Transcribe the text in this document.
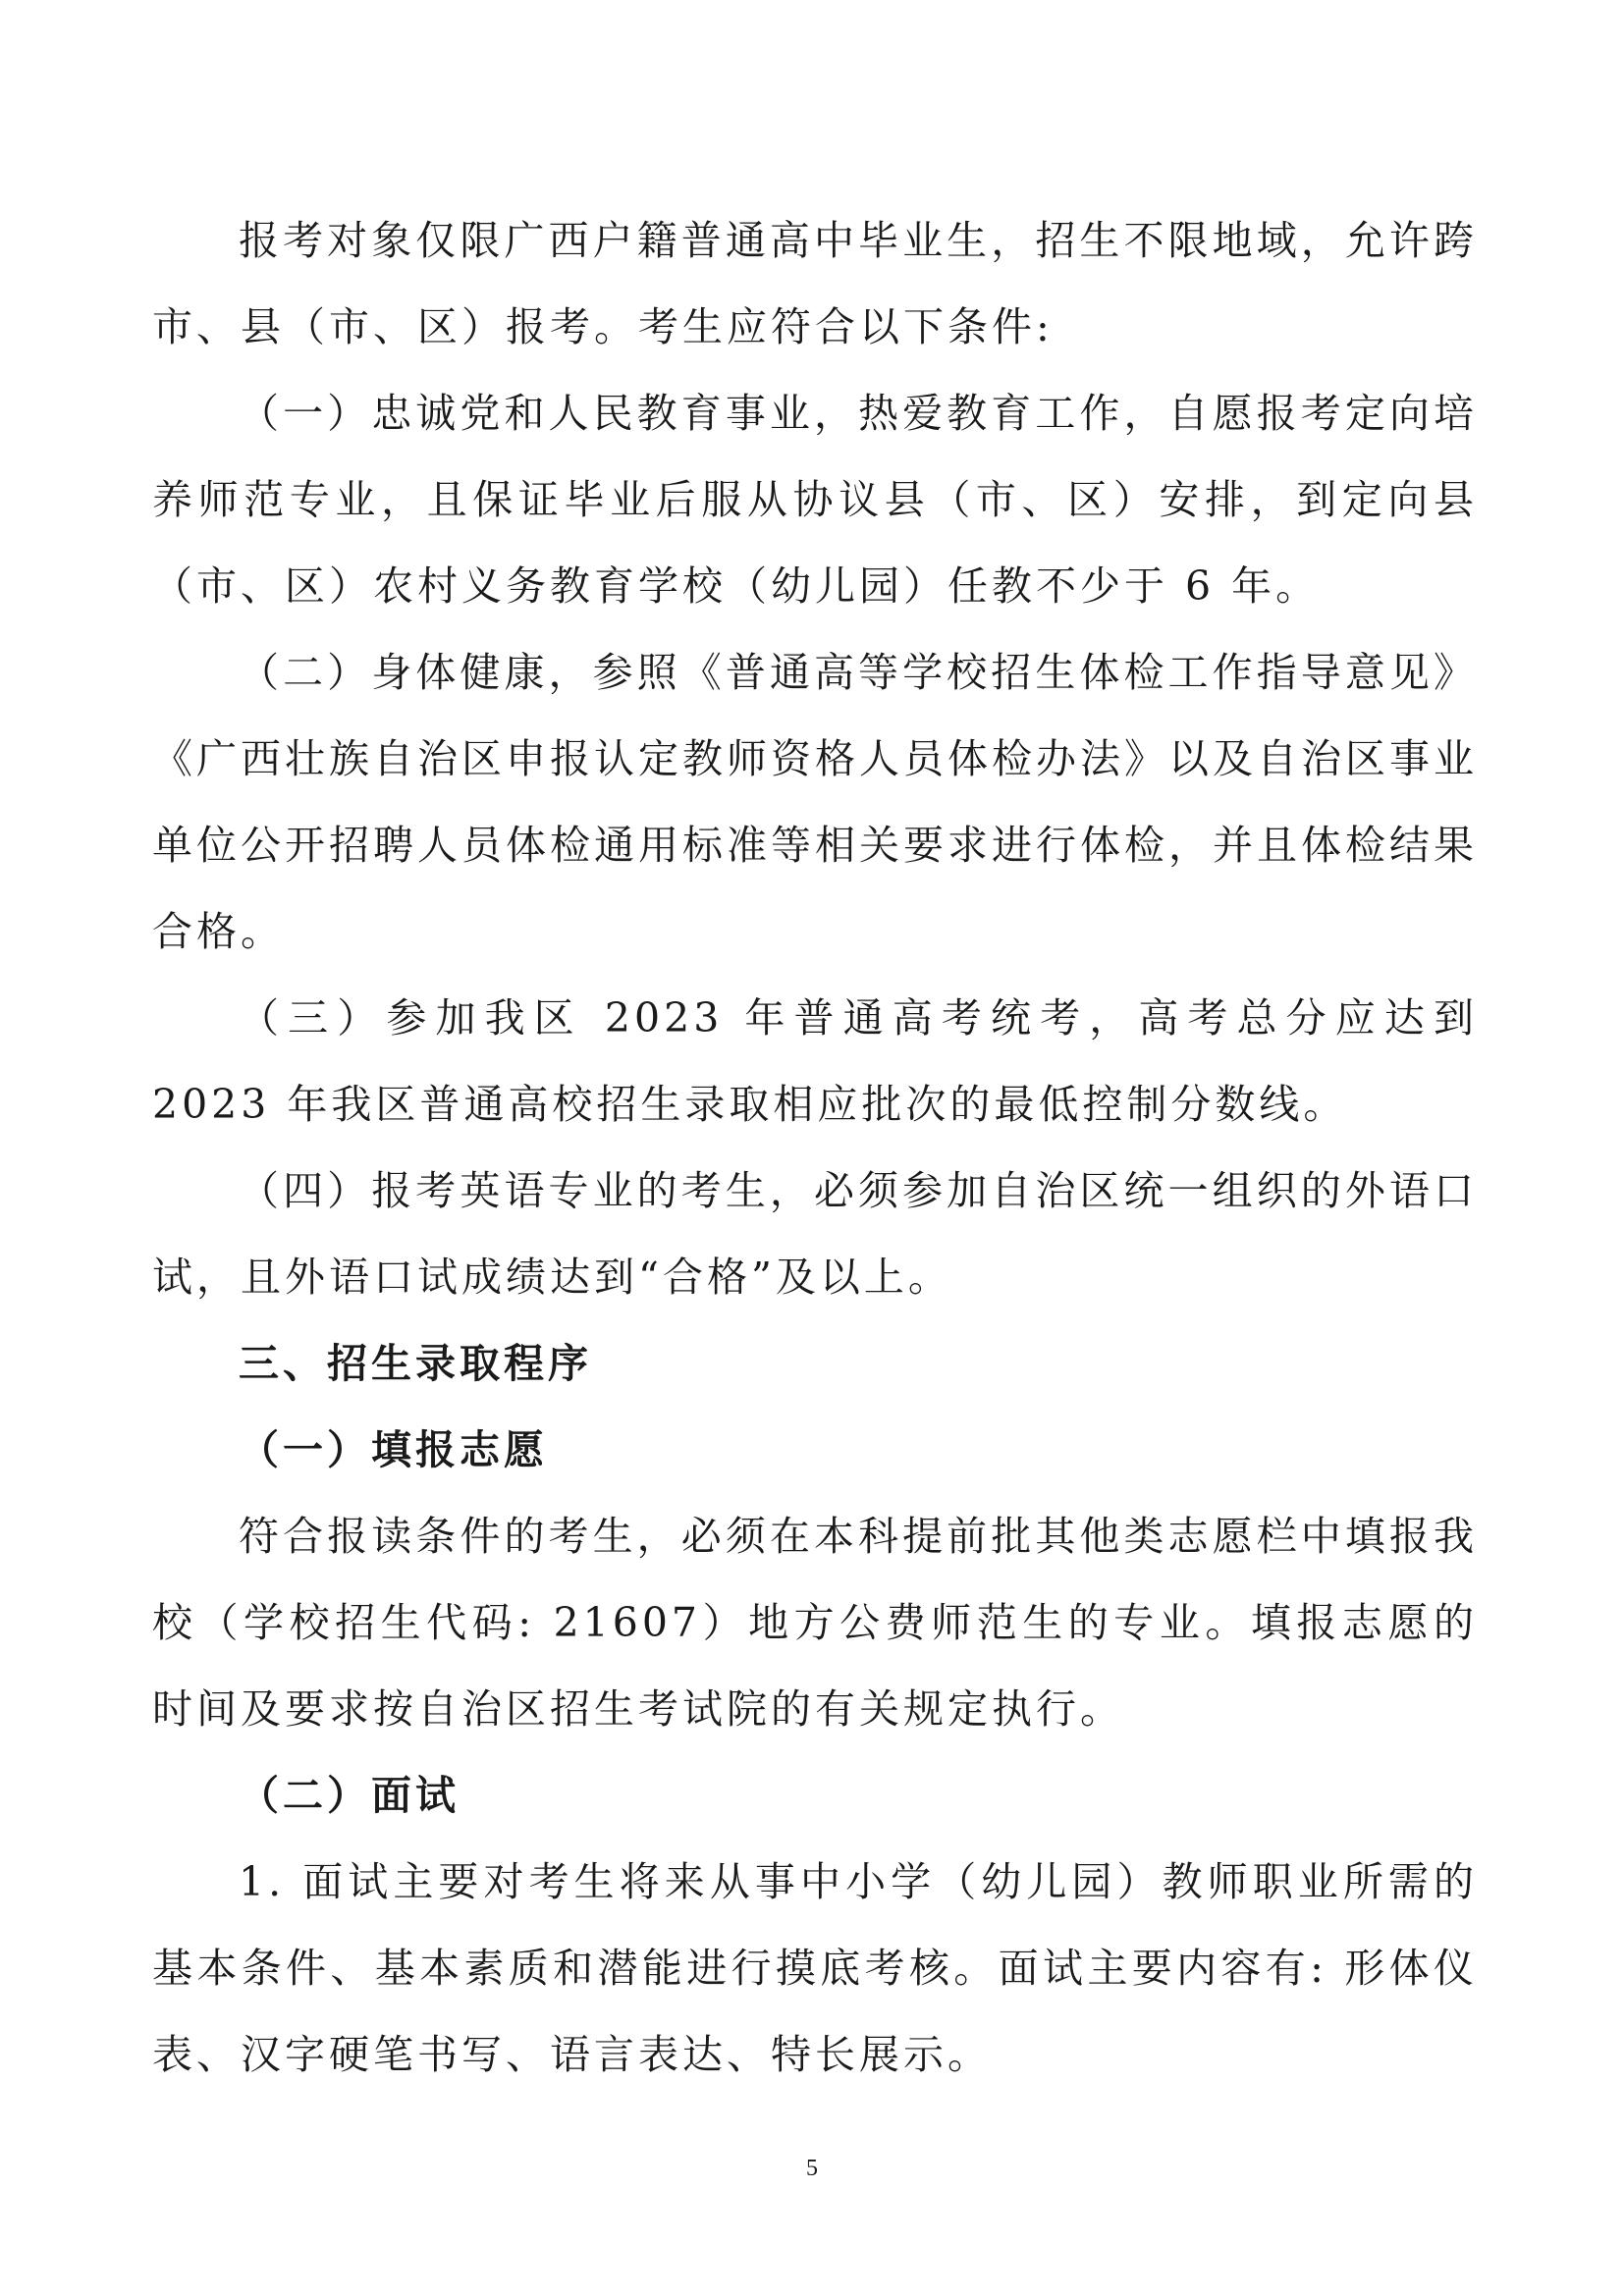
报考对象仅限广西户籍普通高中毕业生，招生不限地域，允许跨市、县（市、区）报考。考生应符合以下条件:

（一）忠诚党和人民教育事业，热爱教育工作，自愿报考定向培养师范专业，且保证毕业后服从协议县（市、区）安排，到定向县（市、区）农村义务教育学校（幼儿园）任教不少于 6 年。

（二）身体健康，参照《普通高等学校招生体检工作指导意见》《广西壮族自治区申报认定教师资格人员体检办法》以及自治区事业单位公开招聘人员体检通用标准等相关要求进行体检，并且体检结果合格。

（三）参加我区 2023 年普通高考统考，高考总分应达到 2023 年我区普通高校招生录取相应批次的最低控制分数线。

（四）报考英语专业的考生，必须参加自治区统一组织的外语口试，且外语口试成绩达到“合格”及以上。

三、招生录取程序
（一）填报志愿

符合报读条件的考生，必须在本科提前批其他类志愿栏中填报我校（学校招生代码: 21607）地方公费师范生的专业。填报志愿的时间及要求按自治区招生考试院的有关规定执行。

（二）面试

1. 面试主要对考生将来从事中小学（幼儿园）教师职业所需的基本条件、基本素质和潜能进行摸底考核。面试主要内容有: 形体仪表、汉字硬笔书写、语言表达、特长展示。

5
